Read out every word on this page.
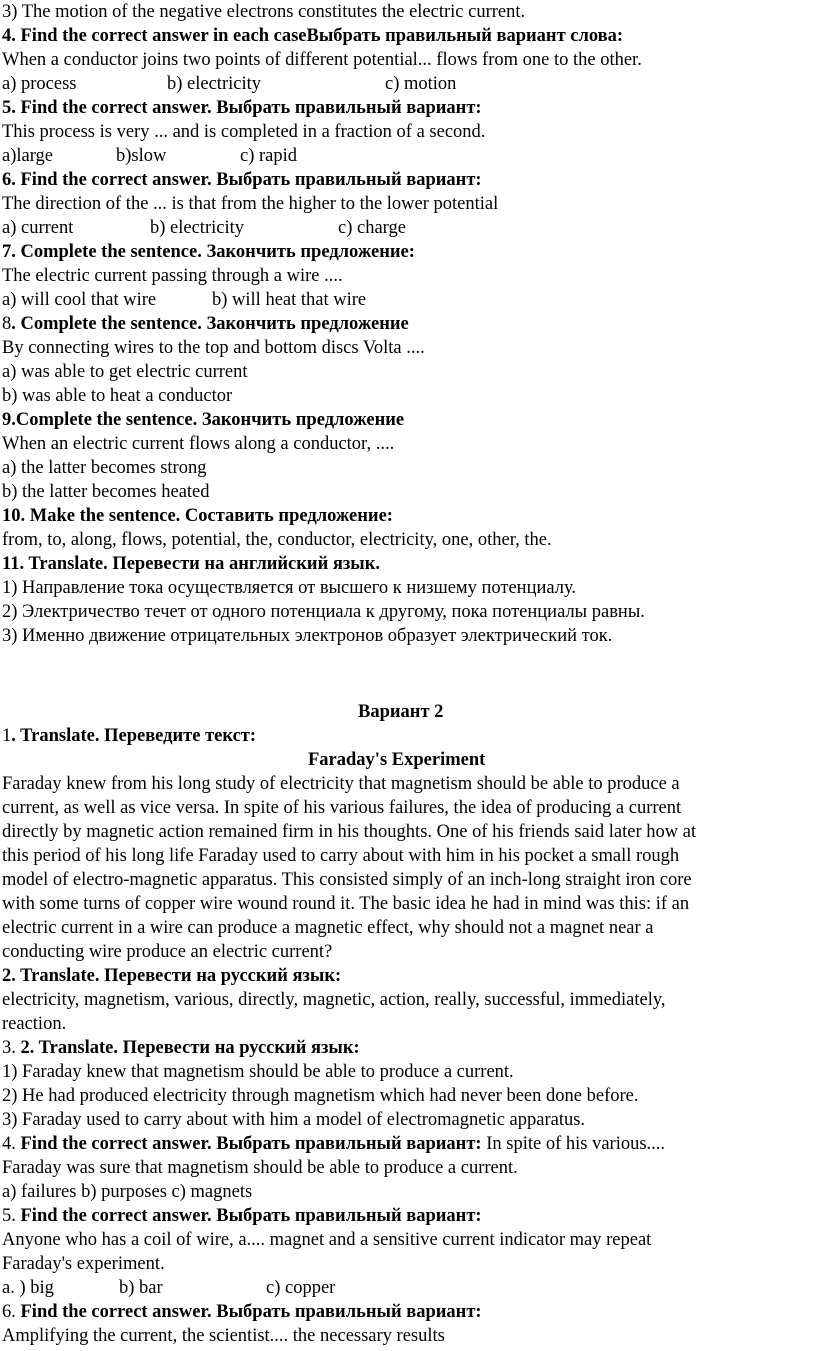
3) The motion of the negative electrons constitutes the electric current.
4. Find the correct answer in each caseВыбрать правильный вариант слова:
When a conductor joins two points of different potential... flows from one to the other.
a) process	b) electricity	c) motion
5. Find the correct answer. Выбрать правильный вариант:
This process is very ... and is completed in a fraction of a second.
a)large	b)slow	c) rapid
6. Find the correct answer. Выбрать правильный вариант:
The direction of the ... is that from the higher to the lower potential
a) current	b) electricity	c) charge
7. Complete the sentence. Закончить предложение:
The electric current passing through a wire ....
a) will cool that wire	b) will heat that wire
8. Complete the sentence. Закончить предложение
By connecting wires to the top and bottom discs Volta ....
a) was able to get electric current
b) was able to heat a conductor
9.Complete the sentence. Закончить предложение
When an electric current flows along a conductor, ....
a) the latter becomes strong
b) the latter becomes heated
10. Make the sentence. Составить предложение:
from, to, along, flows, potential, the, conductor, electricity, one, other, the.
11. Translate. Перевести на английский язык.
1) Направление тока осуществляется от высшего к низшему потенциалу.
2) Электричество течет от одного потенциала к другому, пока потенциалы равны.
3) Именно движение отрицательных электронов образует электрический ток.
Вариант 2
1. Translate. Переведите текст:
Faraday's Experiment
Faraday knew from his long study of electricity that magnetism should be able to produce a
current, as well as vice versa. In spite of his various failures, the idea of producing a current
directly by magnetic action remained firm in his thoughts. One of his friends said later how at
this period of his long life Faraday used to carry about with him in his pocket a small rough
model of electro-magnetic apparatus. This consisted simply of an inch-long straight iron core
with some turns of copper wire wound round it. The basic idea he had in mind was this: if an
electric current in a wire can produce a magnetic effect, why should not a magnet near a
conducting wire produce an electric current?
2. Translate. Перевести на русский язык:
electricity, magnetism, various, directly, magnetic, action, really, successful, immediately,
reaction.
3. 2. Translate. Перевести на русский язык:
1) Faraday knew that magnetism should be able to produce a current.
2) He had produced electricity through magnetism which had never been done before.
3) Faraday used to carry about with him a model of electromagnetic apparatus.
4. Find the correct answer. Выбрать правильный вариант: In spite of his various....
Faraday was sure that magnetism should be able to produce a current.
a) failures b) purposes c) magnets
5. Find the correct answer. Выбрать правильный вариант:
Anyone who has a coil of wire, a.... magnet and a sensitive current indicator may repeat
Faraday's experiment.
a. ) big	b) bar	c) copper
6. Find the correct answer. Выбрать правильный вариант:
Amplifying the current, the scientist.... the necessary results
